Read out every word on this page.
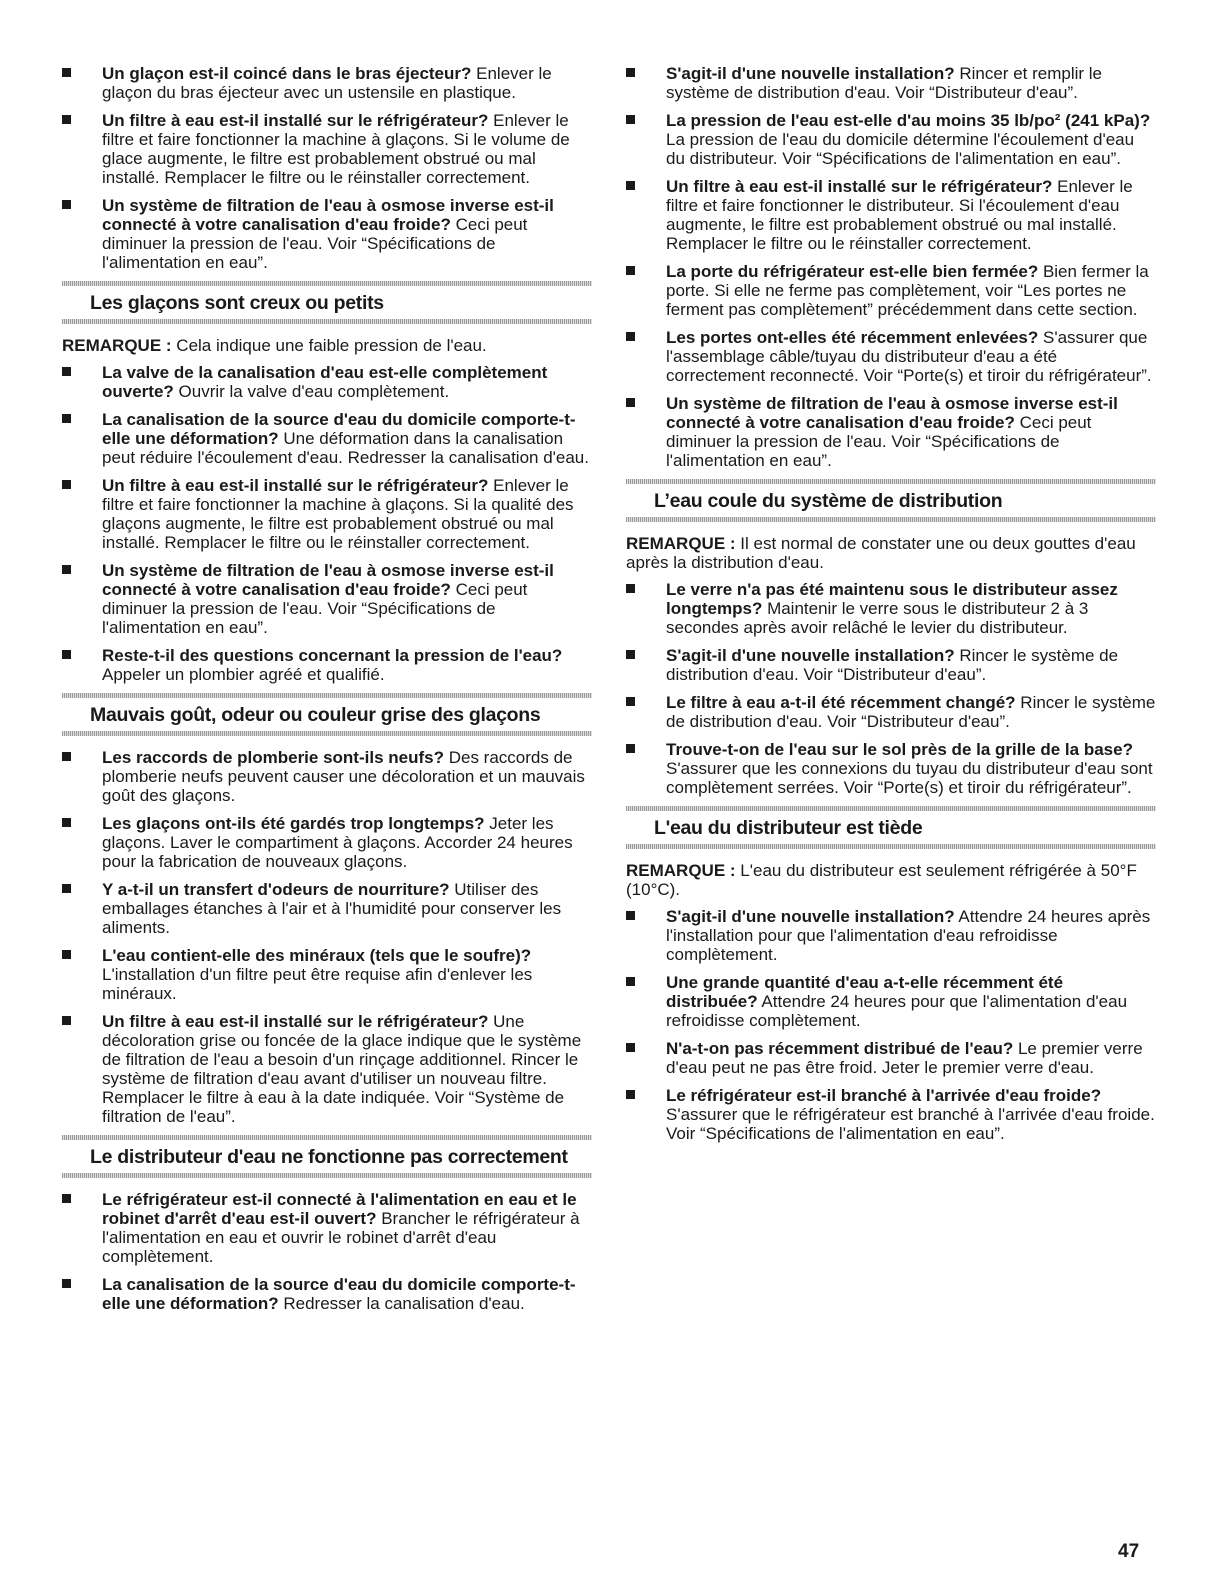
Un glaçon est-il coincé dans le bras éjecteur? Enlever le glaçon du bras éjecteur avec un ustensile en plastique.
Un filtre à eau est-il installé sur le réfrigérateur? Enlever le filtre et faire fonctionner la machine à glaçons. Si le volume de glace augmente, le filtre est probablement obstrué ou mal installé. Remplacer le filtre ou le réinstaller correctement.
Un système de filtration de l'eau à osmose inverse est-il connecté à votre canalisation d'eau froide? Ceci peut diminuer la pression de l'eau. Voir “Spécifications de l'alimentation en eau”.
Les glaçons sont creux ou petits

REMARQUE : Cela indique une faible pression de l'eau.

La valve de la canalisation d'eau est-elle complètement ouverte? Ouvrir la valve d'eau complètement.
La canalisation de la source d'eau du domicile comporte-t-elle une déformation? Une déformation dans la canalisation peut réduire l'écoulement d'eau. Redresser la canalisation d'eau.
Un filtre à eau est-il installé sur le réfrigérateur? Enlever le filtre et faire fonctionner la machine à glaçons. Si la qualité des glaçons augmente, le filtre est probablement obstrué ou mal installé. Remplacer le filtre ou le réinstaller correctement.
Un système de filtration de l'eau à osmose inverse est-il connecté à votre canalisation d'eau froide? Ceci peut diminuer la pression de l'eau. Voir “Spécifications de l'alimentation en eau”.
Reste-t-il des questions concernant la pression de l'eau? Appeler un plombier agréé et qualifié.
Mauvais goût, odeur ou couleur grise des glaçons
Les raccords de plomberie sont-ils neufs? Des raccords de plomberie neufs peuvent causer une décoloration et un mauvais goût des glaçons.
Les glaçons ont-ils été gardés trop longtemps? Jeter les glaçons. Laver le compartiment à glaçons. Accorder 24 heures pour la fabrication de nouveaux glaçons.
Y a-t-il un transfert d'odeurs de nourriture? Utiliser des emballages étanches à l'air et à l'humidité pour conserver les aliments.
L'eau contient-elle des minéraux (tels que le soufre)? L'installation d'un filtre peut être requise afin d'enlever les minéraux.
Un filtre à eau est-il installé sur le réfrigérateur? Une décoloration grise ou foncée de la glace indique que le système de filtration de l'eau a besoin d'un rinçage additionnel. Rincer le système de filtration d'eau avant d'utiliser un nouveau filtre. Remplacer le filtre à eau à la date indiquée. Voir “Système de filtration de l'eau”.
Le distributeur d'eau ne fonctionne pas correctement
Le réfrigérateur est-il connecté à l'alimentation en eau et le robinet d'arrêt d'eau est-il ouvert? Brancher le réfrigérateur à l'alimentation en eau et ouvrir le robinet d'arrêt d'eau complètement.
La canalisation de la source d'eau du domicile comporte-t-elle une déformation? Redresser la canalisation d'eau.
S'agit-il d'une nouvelle installation? Rincer et remplir le système de distribution d'eau. Voir “Distributeur d'eau”.
La pression de l'eau est-elle d'au moins 35 lb/po² (241 kPa)? La pression de l'eau du domicile détermine l'écoulement d'eau du distributeur. Voir “Spécifications de l'alimentation en eau”.
Un filtre à eau est-il installé sur le réfrigérateur? Enlever le filtre et faire fonctionner le distributeur. Si l'écoulement d'eau augmente, le filtre est probablement obstrué ou mal installé. Remplacer le filtre ou le réinstaller correctement.
La porte du réfrigérateur est-elle bien fermée? Bien fermer la porte. Si elle ne ferme pas complètement, voir “Les portes ne ferment pas complètement” précédemment dans cette section.
Les portes ont-elles été récemment enlevées? S'assurer que l'assemblage câble/tuyau du distributeur d'eau a été correctement reconnecté. Voir “Porte(s) et tiroir du réfrigérateur”.
Un système de filtration de l'eau à osmose inverse est-il connecté à votre canalisation d'eau froide? Ceci peut diminuer la pression de l'eau. Voir “Spécifications de l'alimentation en eau”.
L’eau coule du système de distribution

REMARQUE : Il est normal de constater une ou deux gouttes d'eau après la distribution d'eau.

Le verre n'a pas été maintenu sous le distributeur assez longtemps? Maintenir le verre sous le distributeur 2 à 3 secondes après avoir relâché le levier du distributeur.
S'agit-il d'une nouvelle installation? Rincer le système de distribution d'eau. Voir “Distributeur d'eau”.
Le filtre à eau a-t-il été récemment changé? Rincer le système de distribution d'eau. Voir “Distributeur d'eau”.
Trouve-t-on de l'eau sur le sol près de la grille de la base? S'assurer que les connexions du tuyau du distributeur d'eau sont complètement serrées. Voir “Porte(s) et tiroir du réfrigérateur”.
L'eau du distributeur est tiède

REMARQUE : L'eau du distributeur est seulement réfrigérée à 50°F (10°C).

S'agit-il d'une nouvelle installation? Attendre 24 heures après l'installation pour que l'alimentation d'eau refroidisse complètement.
Une grande quantité d'eau a-t-elle récemment été distribuée? Attendre 24 heures pour que l'alimentation d'eau refroidisse complètement.
N'a-t-on pas récemment distribué de l'eau? Le premier verre d'eau peut ne pas être froid. Jeter le premier verre d'eau.
Le réfrigérateur est-il branché à l'arrivée d'eau froide? S'assurer que le réfrigérateur est branché à l'arrivée d'eau froide. Voir “Spécifications de l'alimentation en eau”.
47
